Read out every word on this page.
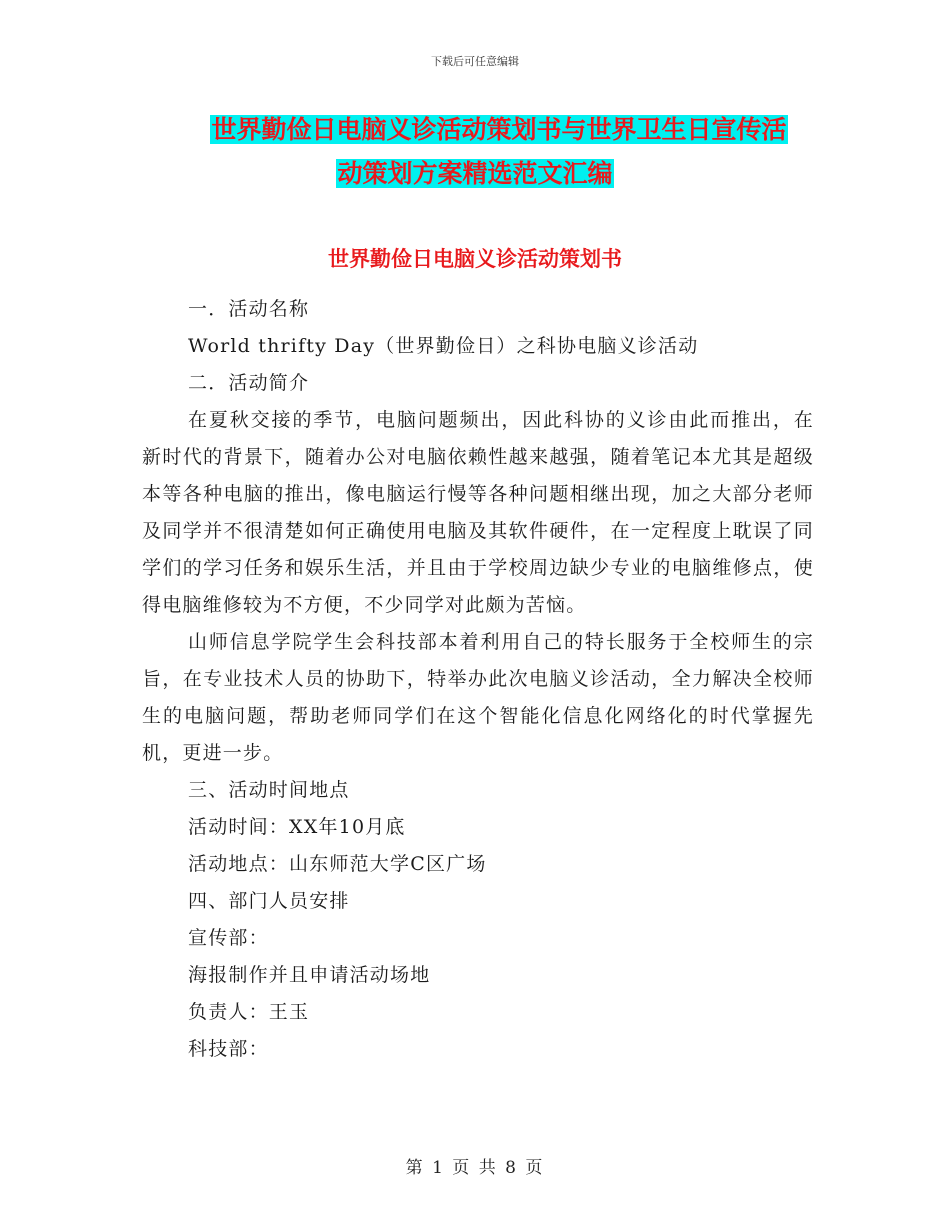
下载后可任意编辑
世界勤俭日电脑义诊活动策划书与世界卫生日宣传活
动策划方案精选范文汇编
世界勤俭日电脑义诊活动策划书

一．活动名称

World thrifty Day（世界勤俭日）之科协电脑义诊活动

二．活动简介

在夏秋交接的季节，电脑问题频出，因此科协的义诊由此而推出，在新时代的背景下，随着办公对电脑依赖性越来越强，随着笔记本尤其是超级本等各种电脑的推出，像电脑运行慢等各种问题相继出现，加之大部分老师及同学并不很清楚如何正确使用电脑及其软件硬件，在一定程度上耽误了同学们的学习任务和娱乐生活，并且由于学校周边缺少专业的电脑维修点，使得电脑维修较为不方便，不少同学对此颇为苦恼。

山师信息学院学生会科技部本着利用自己的特长服务于全校师生的宗旨，在专业技术人员的协助下，特举办此次电脑义诊活动，全力解决全校师生的电脑问题，帮助老师同学们在这个智能化信息化网络化的时代掌握先机，更进一步。

三、活动时间地点

活动时间：XX年10月底

活动地点：山东师范大学C区广场

四、部门人员安排

宣传部：

海报制作并且申请活动场地

负责人：王玉

科技部：

第 1 页 共 8 页
